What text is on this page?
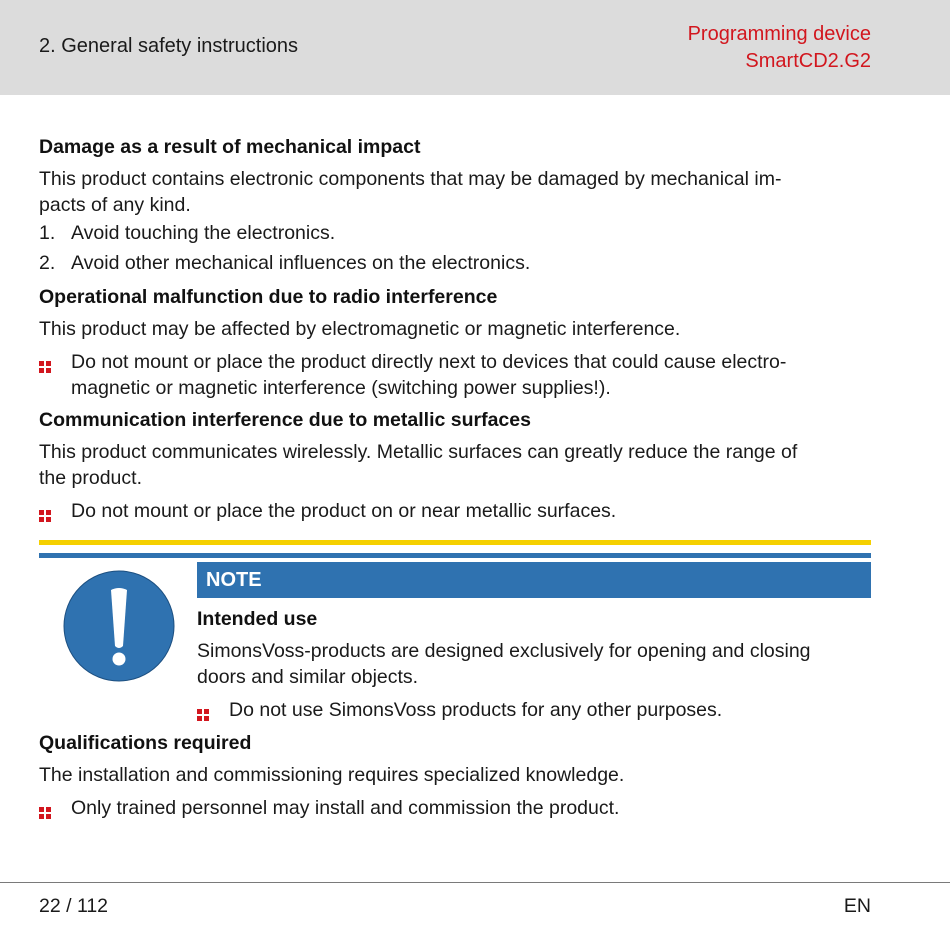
2. General safety instructions
Programming device
SmartCD2.G2
Damage as a result of mechanical impact

This product contains electronic components that may be damaged by mechanical im-

pacts of any kind.

1. Avoid touching the electronics.
2. Avoid other mechanical influences on the electronics.
Operational malfunction due to radio interference

This product may be affected by electromagnetic or magnetic interference.

Do not mount or place the product directly next to devices that could cause electro-
magnetic or magnetic interference (switching power supplies!).
Communication interference due to metallic surfaces

This product communicates wirelessly. Metallic surfaces can greatly reduce the range of

the product.

Do not mount or place the product on or near metallic surfaces.
NOTE
Intended use

SimonsVoss-products are designed exclusively for opening and closing

doors and similar objects.

Do not use SimonsVoss products for any other purposes.
Qualifications required

The installation and commissioning requires specialized knowledge.

Only trained personnel may install and commission the product.
22 / 112	EN
